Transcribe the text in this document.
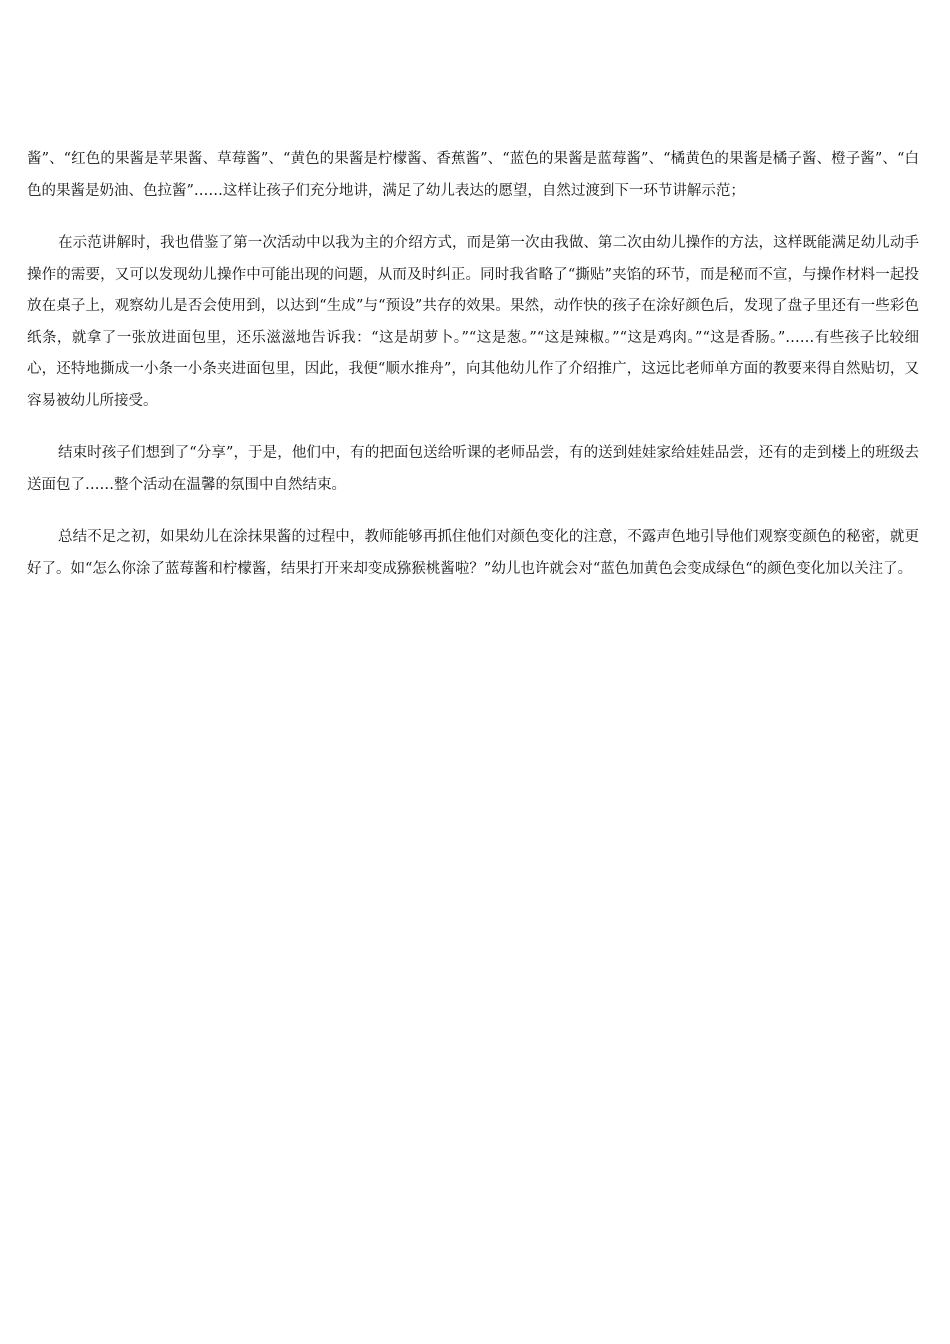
酱”、“红色的果酱是苹果酱、草莓酱”、“黄色的果酱是柠檬酱、香蕉酱”、“蓝色的果酱是蓝莓酱”、“橘黄色的果酱是橘子酱、橙子酱”、“白色的果酱是奶油、色拉酱”……这样让孩子们充分地讲，满足了幼儿表达的愿望，自然过渡到下一环节讲解示范；

在示范讲解时，我也借鉴了第一次活动中以我为主的介绍方式，而是第一次由我做、第二次由幼儿操作的方法，这样既能满足幼儿动手操作的需要，又可以发现幼儿操作中可能出现的问题，从而及时纠正。同时我省略了“撕贴”夹馅的环节，而是秘而不宣，与操作材料一起投放在桌子上，观察幼儿是否会使用到，以达到“生成”与“预设”共存的效果。果然，动作快的孩子在涂好颜色后，发现了盘子里还有一些彩色纸条，就拿了一张放进面包里，还乐滋滋地告诉我：“这是胡萝卜。”“这是葱。”“这是辣椒。”“这是鸡肉。”“这是香肠。”……有些孩子比较细心，还特地撕成一小条一小条夹进面包里，因此，我便“顺水推舟”，向其他幼儿作了介绍推广，这远比老师单方面的教要来得自然贴切，又容易被幼儿所接受。

结束时孩子们想到了“分享”，于是，他们中，有的把面包送给听课的老师品尝，有的送到娃娃家给娃娃品尝，还有的走到楼上的班级去送面包了……整个活动在温馨的氛围中自然结束。

总结不足之初，如果幼儿在涂抹果酱的过程中，教师能够再抓住他们对颜色变化的注意，不露声色地引导他们观察变颜色的秘密，就更好了。如“怎么你涂了蓝莓酱和柠檬酱，结果打开来却变成猕猴桃酱啦？”幼儿也许就会对“蓝色加黄色会变成绿色“的颜色变化加以关注了。
